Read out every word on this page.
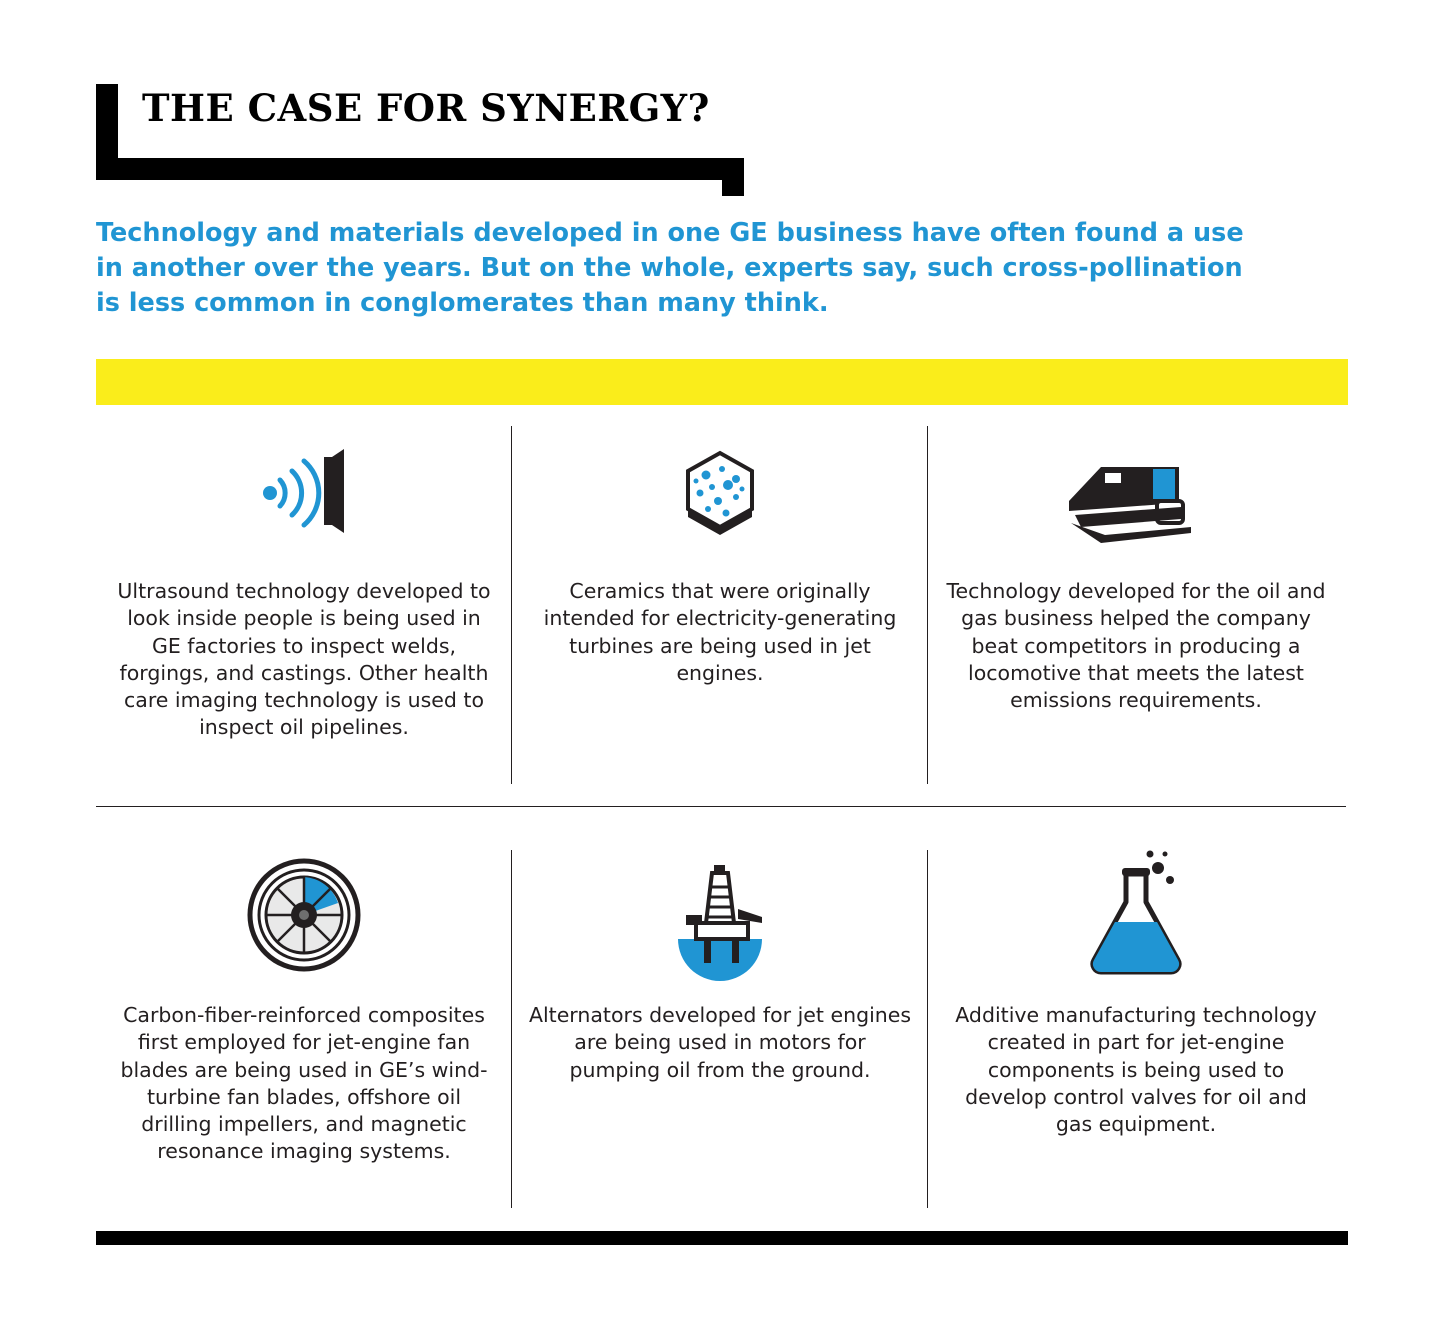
THE CASE FOR SYNERGY?
Technology and materials developed in one GE business have often found a use in another over the years. But on the whole, experts say, such cross-pollination is less common in conglomerates than many think.
Ultrasound technology developed to look inside people is being used in GE factories to inspect welds, forgings, and castings. Other health care imaging technology is used to inspect oil pipelines.
Ceramics that were originally intended for electricity-generating turbines are being used in jet engines.
Technology developed for the oil and gas business helped the company beat competitors in producing a locomotive that meets the latest emissions requirements.
Carbon-fiber-reinforced composites first employed for jet-engine fan blades are being used in GE’s wind-turbine fan blades, offshore oil drilling impellers, and magnetic resonance imaging systems.
Alternators developed for jet engines are being used in motors for pumping oil from the ground.
Additive manufacturing technology created in part for jet-engine components is being used to develop control valves for oil and gas equipment.
